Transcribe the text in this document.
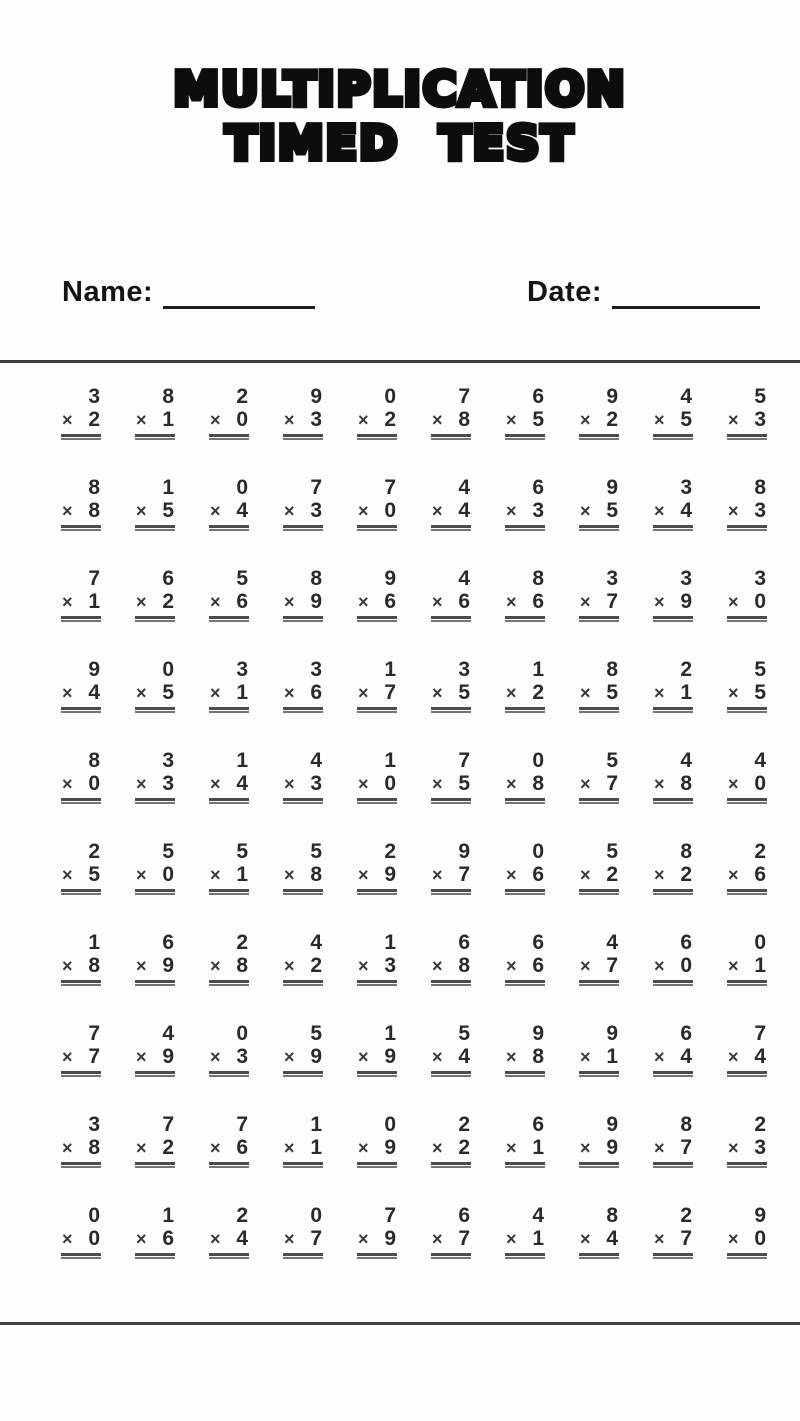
MULTIPLICATION
TIMED TEST
Name:	Date:
3
× 2
8
× 1
2
× 0
9
× 3
0
× 2
7
× 8
6
× 5
9
× 2
4
× 5
5
× 3
8
× 8
1
× 5
0
× 4
7
× 3
7
× 0
4
× 4
6
× 3
9
× 5
3
× 4
8
× 3
7
× 1
6
× 2
5
× 6
8
× 9
9
× 6
4
× 6
8
× 6
3
× 7
3
× 9
3
× 0
9
× 4
0
× 5
3
× 1
3
× 6
1
× 7
3
× 5
1
× 2
8
× 5
2
× 1
5
× 5
8
× 0
3
× 3
1
× 4
4
× 3
1
× 0
7
× 5
0
× 8
5
× 7
4
× 8
4
× 0
2
× 5
5
× 0
5
× 1
5
× 8
2
× 9
9
× 7
0
× 6
5
× 2
8
× 2
2
× 6
1
× 8
6
× 9
2
× 8
4
× 2
1
× 3
6
× 8
6
× 6
4
× 7
6
× 0
0
× 1
7
× 7
4
× 9
0
× 3
5
× 9
1
× 9
5
× 4
9
× 8
9
× 1
6
× 4
7
× 4
3
× 8
7
× 2
7
× 6
1
× 1
0
× 9
2
× 2
6
× 1
9
× 9
8
× 7
2
× 3
0
× 0
1
× 6
2
× 4
0
× 7
7
× 9
6
× 7
4
× 1
8
× 4
2
× 7
9
× 0
